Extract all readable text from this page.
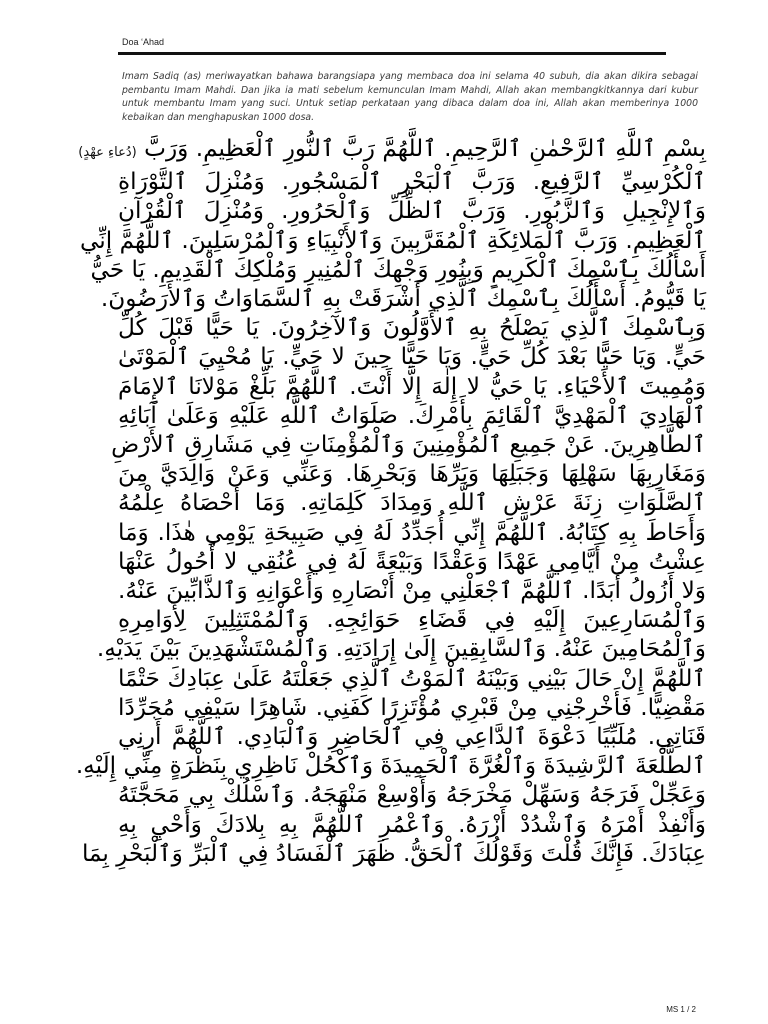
Doa ‘Ahad

Imam Sadiq (as) meriwayatkan bahawa barangsiapa yang membaca doa ini selama 40 subuh, dia akan dikira sebagai pembantu Imam Mahdi. Dan jika ia mati sebelum kemunculan Imam Mahdi, Allah akan membangkitkannya dari kubur untuk membantu Imam yang suci. Untuk setiap perkataan yang dibaca dalam doa ini, Allah akan memberinya 1000 kebaikan dan menghapuskan 1000 dosa.

بِسْمِ ٱللَّهِ ٱلرَّحْمٰنِ ٱلرَّحِيمِ. ٱللَّهُمَّ رَبَّ ٱلنُّورِ ٱلْعَظِيمِ. وَرَبَّ (دُعاءِ عهْدٍ)
ٱلْكُرْسِيِّ ٱلرَّفِيعِ. وَرَبَّ ٱلْبَحْرِ ٱلْمَسْجُورِ. وَمُنْزِلَ ٱلتَّوْرَاةِ
وَٱلإِنْجِيلِ وَٱلزَّبُورِ. وَرَبَّ ٱلظِّلِّ وَٱلْحَرُورِ. وَمُنْزِلَ ٱلْقُرْآنِ
ٱلْعَظِيمِ. وَرَبَّ ٱلْمَلائِكَةِ ٱلْمُقَرَّبِينَ وَٱلأَنْبِيَاءِ وَٱلْمُرْسَلِينَ. ٱللَّهُمَّ إِنِّي
أَسْأَلُكَ بِٱسْمِكَ ٱلْكَرِيمِ وَبِنُورِ وَجْهِكَ ٱلْمُنِيرِ وَمُلْكِكَ ٱلْقَدِيمِ. يَا حَيُّ
يَا قَيُّومُ. أَسْأَلُكَ بِٱسْمِكَ ٱلَّذِي أَشْرَقَتْ بِهِ ٱلسَّمَاوَاتُ وَٱلأَرَضُونَ.
وَبِٱسْمِكَ ٱلَّذِي يَصْلَحُ بِهِ ٱلأَوَّلُونَ وَٱلآخِرُونَ. يَا حَيًّا قَبْلَ كُلِّ
حَيٍّ. وَيَا حَيًّا بَعْدَ كُلِّ حَيٍّ. وَيَا حَيًّا حِينَ لا حَيٍّ. يَا مُحْيِيَ ٱلْمَوْتَىٰ
وَمُمِيتَ ٱلأَحْيَاءِ. يَا حَيُّ لا إِلٰهَ إِلَّا أَنْتَ. ٱللَّهُمَّ بَلِّغْ مَوْلانَا ٱلإِمَامَ
ٱلْهَادِيَ ٱلْمَهْدِيَّ ٱلْقَائِمَ بِأَمْرِكَ. صَلَوَاتُ ٱللَّهِ عَلَيْهِ وَعَلَىٰ آبَائِهِ
ٱلطَّاهِرِينَ. عَنْ جَمِيعِ ٱلْمُؤْمِنِينَ وَٱلْمُؤْمِنَاتِ فِي مَشَارِقِ ٱلأَرْضِ
وَمَغَارِبِهَا سَهْلِهَا وَجَبَلِهَا وَبَرِّهَا وَبَحْرِهَا. وَعَنِّي وَعَنْ وَالِدَيَّ مِنَ
ٱلصَّلَوَاتِ زِنَةَ عَرْشِ ٱللَّهِ وَمِدَادَ كَلِمَاتِهِ. وَمَا أَحْصَاهُ عِلْمُهُ
وَأَحَاطَ بِهِ كِتَابُهُ. ٱللَّهُمَّ إِنِّي أُجَدِّدُ لَهُ فِي صَبِيحَةِ يَوْمِي هٰذَا. وَمَا
عِشْتُ مِنْ أَيَّامِي عَهْدًا وَعَقْدًا وَبَيْعَةً لَهُ فِي عُنُقِي لا أَحُولُ عَنْهَا
وَلا أَزُولُ أَبَدًا. ٱللَّهُمَّ ٱجْعَلْنِي مِنْ أَنْصَارِهِ وَأَعْوَانِهِ وَٱلذَّابِّينَ عَنْهُ.
وَٱلْمُسَارِعِينَ إِلَيْهِ فِي قَضَاءِ حَوَائِجِهِ. وَٱلْمُمْتَثِلِينَ لِأَوَامِرِهِ
وَٱلْمُحَامِينَ عَنْهُ. وَٱلسَّابِقِينَ إِلَىٰ إِرَادَتِهِ. وَٱلْمُسْتَشْهَدِينَ بَيْنَ يَدَيْهِ.
ٱللَّهُمَّ إِنْ حَالَ بَيْنِي وَبَيْنَهُ ٱلْمَوْتُ ٱلَّذِي جَعَلْتَهُ عَلَىٰ عِبَادِكَ حَتْمًا
مَقْضِيًّا. فَأَخْرِجْنِي مِنْ قَبْرِي مُؤْتَزِرًا كَفَنِي. شَاهِرًا سَيْفِي مُجَرِّدًا
قَنَاتِي. مُلَبِّيًا دَعْوَةَ ٱلدَّاعِي فِي ٱلْحَاضِرِ وَٱلْبَادِي. ٱللَّهُمَّ أَرِنِي
ٱلطَّلْعَةَ ٱلرَّشِيدَةَ وَٱلْغُرَّةَ ٱلْحَمِيدَةَ وَٱكْحُلْ نَاظِرِي بِنَظْرَةٍ مِنِّي إِلَيْهِ.
وَعَجِّلْ فَرَجَهُ وَسَهِّلْ مَخْرَجَهُ وَأَوْسِعْ مَنْهَجَهُ. وَٱسْلُكْ بِي مَحَجَّتَهُ
وَأَنْفِذْ أَمْرَهُ وَٱشْدُدْ أَزْرَهُ. وَٱعْمُرِ ٱللَّهُمَّ بِهِ بِلادَكَ وَأَحْيِ بِهِ
عِبَادَكَ. فَإِنَّكَ قُلْتَ وَقَوْلُكَ ٱلْحَقُّ. ظَهَرَ ٱلْفَسَادُ فِي ٱلْبَرِّ وَٱلْبَحْرِ بِمَا
MS 1 / 2
